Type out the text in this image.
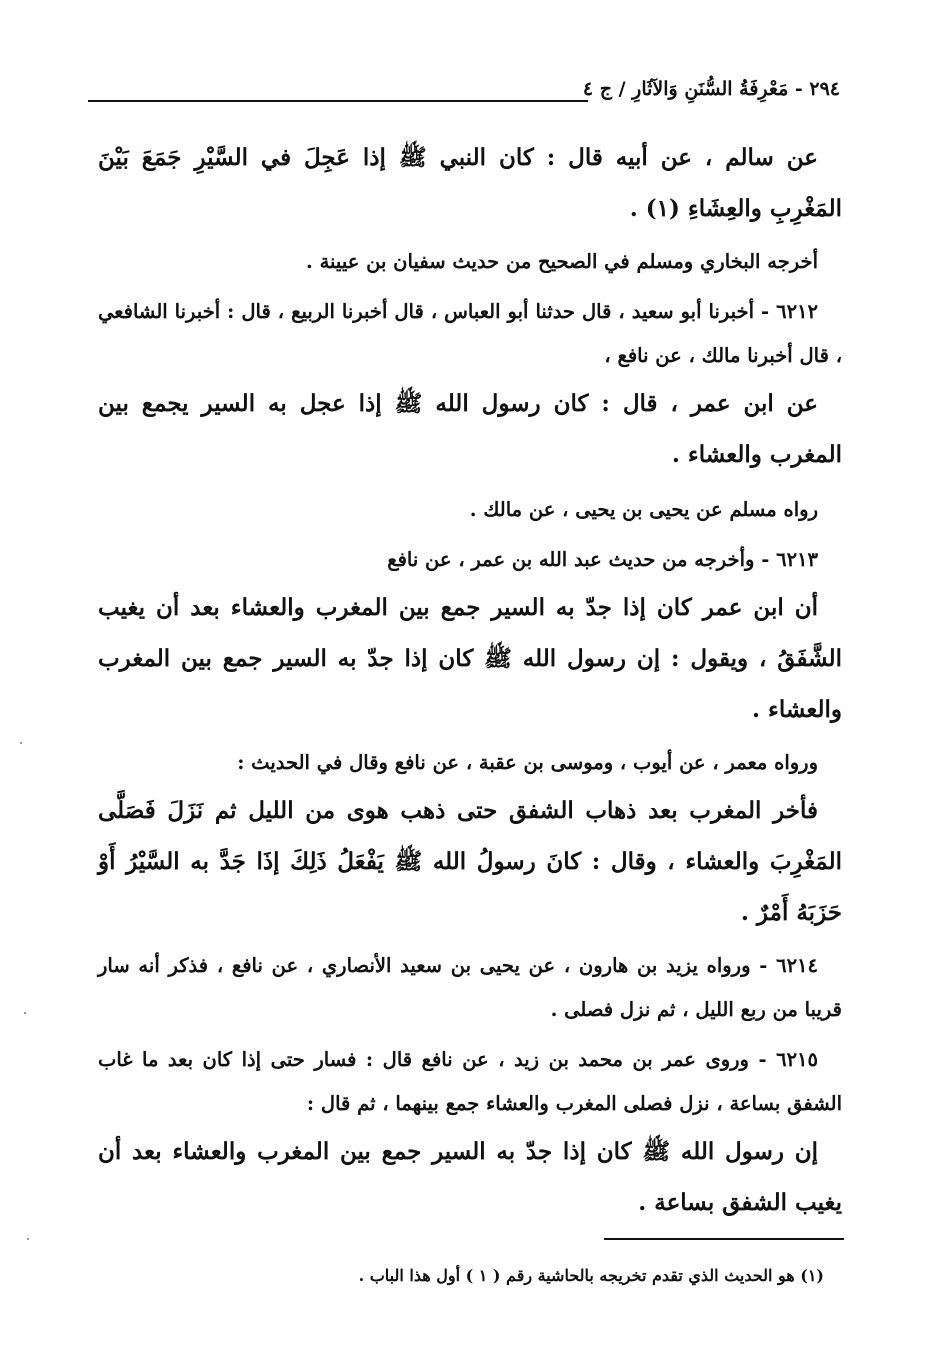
٢٩٤ - مَعْرِفَةُ السُّنَنِ وَالآثَارِ / ج ٤

عن سالم ، عن أبيه قال : كان النبي ﷺ إذا عَجِلَ في السَّيْرِ جَمَعَ بَيْنَ المَغْرِبِ والعِشَاءِ (١) .

أخرجه البخاري ومسلم في الصحيح من حديث سفيان بن عيينة .

٦٢١٢ - أخبرنا أبو سعيد ، قال حدثنا أبو العباس ، قال أخبرنا الربيع ، قال : أخبرنا الشافعي ، قال أخبرنا مالك ، عن نافع ،

عن ابن عمر ، قال : كان رسول الله ﷺ إذا عجل به السير يجمع بين المغرب والعشاء .

رواه مسلم عن يحيى بن يحيى ، عن مالك .

٦٢١٣ - وأخرجه من حديث عبد الله بن عمر ، عن نافع

أن ابن عمر كان إذا جدّ به السير جمع بين المغرب والعشاء بعد أن يغيب الشَّفَقُ ، ويقول : إن رسول الله ﷺ كان إذا جدّ به السير جمع بين المغرب والعشاء .

ورواه معمر ، عن أيوب ، وموسى بن عقبة ، عن نافع وقال في الحديث :

فأخر المغرب بعد ذهاب الشفق حتى ذهب هوى من الليل ثم نَزَلَ فَصَلَّى المَغْرِبَ والعشاء ، وقال : كانَ رسولُ الله ﷺ يَفْعَلُ ذَلِكَ إذَا جَدَّ به السَّيْرُ أَوْ حَزَبَهُ أَمْرٌ .

٦٢١٤ - ورواه يزيد بن هارون ، عن يحيى بن سعيد الأنصاري ، عن نافع ، فذكر أنه سار قريبا من ربع الليل ، ثم نزل فصلى .

٦٢١٥ - وروى عمر بن محمد بن زيد ، عن نافع قال : فسار حتى إذا كان بعد ما غاب الشفق بساعة ، نزل فصلى المغرب والعشاء جمع بينهما ، ثم قال :

إن رسول الله ﷺ كان إذا جدّ به السير جمع بين المغرب والعشاء بعد أن يغيب الشفق بساعة .

(١) هو الحديث الذي تقدم تخريجه بالحاشية رقم ( ١ ) أول هذا الباب .
